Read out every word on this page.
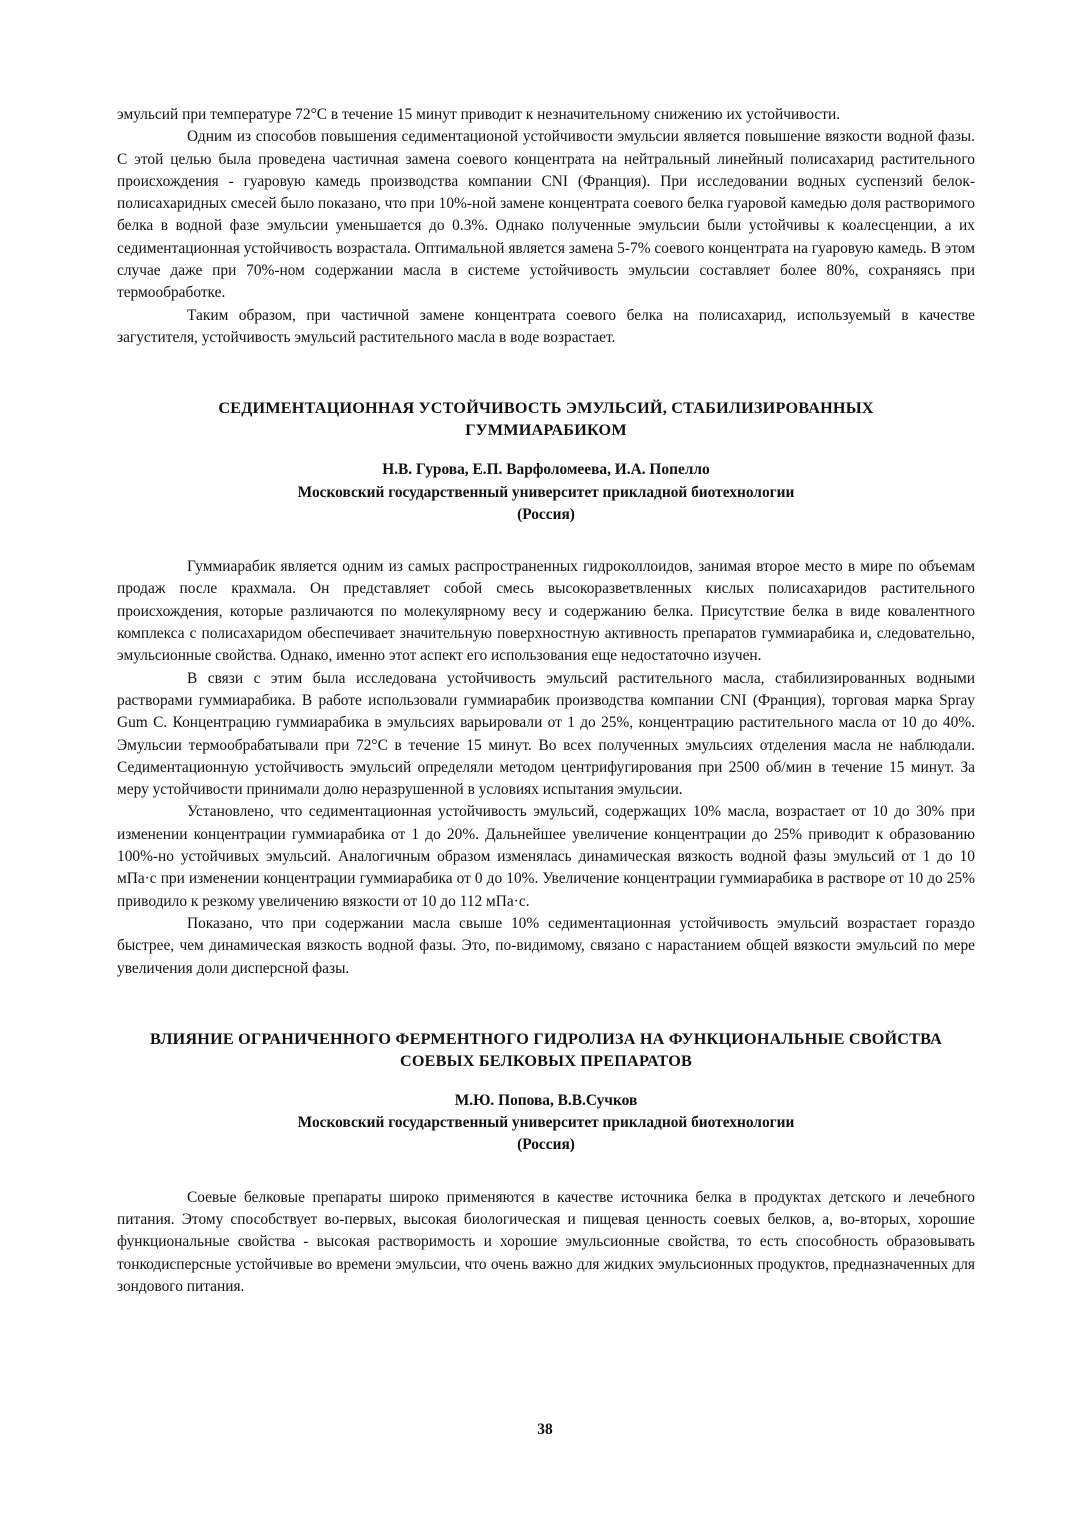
эмульсий при температуре 72°С в течение 15 минут приводит к незначительному снижению их устойчивости.

Одним из способов повышения седиментационой устойчивости эмульсии является повышение вязкости водной фазы. С этой целью была проведена частичная замена соевого концентрата на нейтральный линейный полисахарид растительного происхождения - гуаровую камедь производства компании CNI (Франция). При исследовании водных суспензий белок-полисахаридных смесей было показано, что при 10%-ной замене концентрата соевого белка гуаровой камедью доля растворимого белка в водной фазе эмульсии уменьшается до 0.3%. Однако полученные эмульсии были устойчивы к коалесценции, а их седиментационная устойчивость возрастала. Оптимальной является замена 5-7% соевого концентрата на гуаровую камедь. В этом случае даже при 70%-ном содержании масла в системе устойчивость эмульсии составляет более 80%, сохраняясь при термообработке.

Таким образом, при частичной замене концентрата соевого белка на полисахарид, используемый в качестве загустителя, устойчивость эмульсий растительного масла в воде возрастает.

СЕДИМЕНТАЦИОННАЯ УСТОЙЧИВОСТЬ ЭМУЛЬСИЙ, СТАБИЛИЗИРОВАННЫХ ГУММИАРАБИКОМ
Н.В. Гурова, Е.П. Варфоломеева, И.А. Попелло
Московский государственный университет прикладной биотехнологии
(Россия)

Гуммиарабик является одним из самых распространенных гидроколлоидов, занимая второе место в мире по объемам продаж после крахмала. Он представляет собой смесь высокоразветвленных кислых полисахаридов растительного происхождения, которые различаются по молекулярному весу и содержанию белка. Присутствие белка в виде ковалентного комплекса с полисахаридом обеспечивает значительную поверхностную активность препаратов гуммиарабика и, следовательно, эмульсионные свойства. Однако, именно этот аспект его использования еще недостаточно изучен.

В связи с этим была исследована устойчивость эмульсий растительного масла, стабилизированных водными растворами гуммиарабика. В работе использовали гуммиарабик производства компании CNI (Франция), торговая марка Spray Gum С. Концентрацию гуммиарабика в эмульсиях варьировали от 1 до 25%, концентрацию растительного масла от 10 до 40%. Эмульсии термообрабатывали при 72°С в течение 15 минут. Во всех полученных эмульсиях отделения масла не наблюдали. Седиментационную устойчивость эмульсий определяли методом центрифугирования при 2500 об/мин в течение 15 минут. За меру устойчивости принимали долю неразрушенной в условиях испытания эмульсии.

Установлено, что седиментационная устойчивость эмульсий, содержащих 10% масла, возрастает от 10 до 30% при изменении концентрации гуммиарабика от 1 до 20%. Дальнейшее увеличение концентрации до 25% приводит к образованию 100%-но устойчивых эмульсий. Аналогичным образом изменялась динамическая вязкость водной фазы эмульсий от 1 до 10 мПа·с при изменении концентрации гуммиарабика от 0 до 10%. Увеличение концентрации гуммиарабика в растворе от 10 до 25% приводило к резкому увеличению вязкости от 10 до 112 мПа·с.

Показано, что при содержании масла свыше 10% седиментационная устойчивость эмульсий возрастает гораздо быстрее, чем динамическая вязкость водной фазы. Это, по-видимому, связано с нарастанием общей вязкости эмульсий по мере увеличения доли дисперсной фазы.

ВЛИЯНИЕ ОГРАНИЧЕННОГО ФЕРМЕНТНОГО ГИДРОЛИЗА НА ФУНКЦИОНАЛЬНЫЕ СВОЙСТВА СОЕВЫХ БЕЛКОВЫХ ПРЕПАРАТОВ
М.Ю. Попова, В.В.Сучков
Московский государственный университет прикладной биотехнологии
(Россия)

Соевые белковые препараты широко применяются в качестве источника белка в продуктах детского и лечебного питания. Этому способствует во-первых, высокая биологическая и пищевая ценность соевых белков, а, во-вторых, хорошие функциональные свойства - высокая растворимость и хорошие эмульсионные свойства, то есть способность образовывать тонкодисперсные устойчивые во времени эмульсии, что очень важно для жидких эмульсионных продуктов, предназначенных для зондового питания.

38
